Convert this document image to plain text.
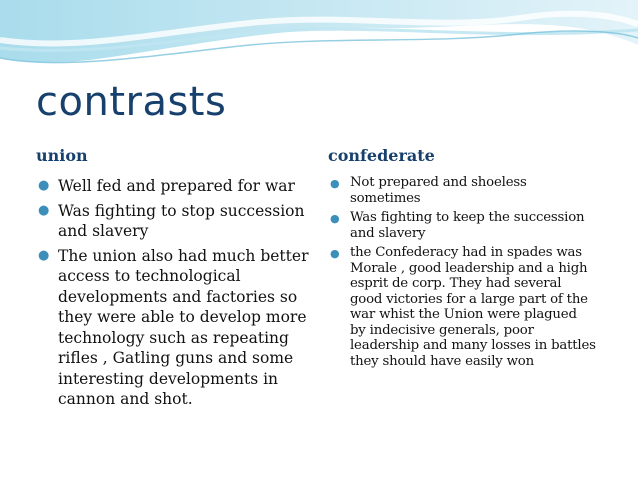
contrasts
union	confederate
● Well fed and prepared for war
● Was fighting to stop succession and slavery
● The union also had much better access to technological developments and factories so they were able to develop more technology such as repeating rifles , Gatling guns and some interesting developments in cannon and shot.
● Not prepared and shoeless sometimes
● Was fighting to keep the succession and slavery
● the Confederacy had in spades was Morale , good leadership and a high esprit de corp. They had several good victories for a large part of the war whist the Union were plagued by indecisive generals, poor leadership and many losses in battles they should have easily won
